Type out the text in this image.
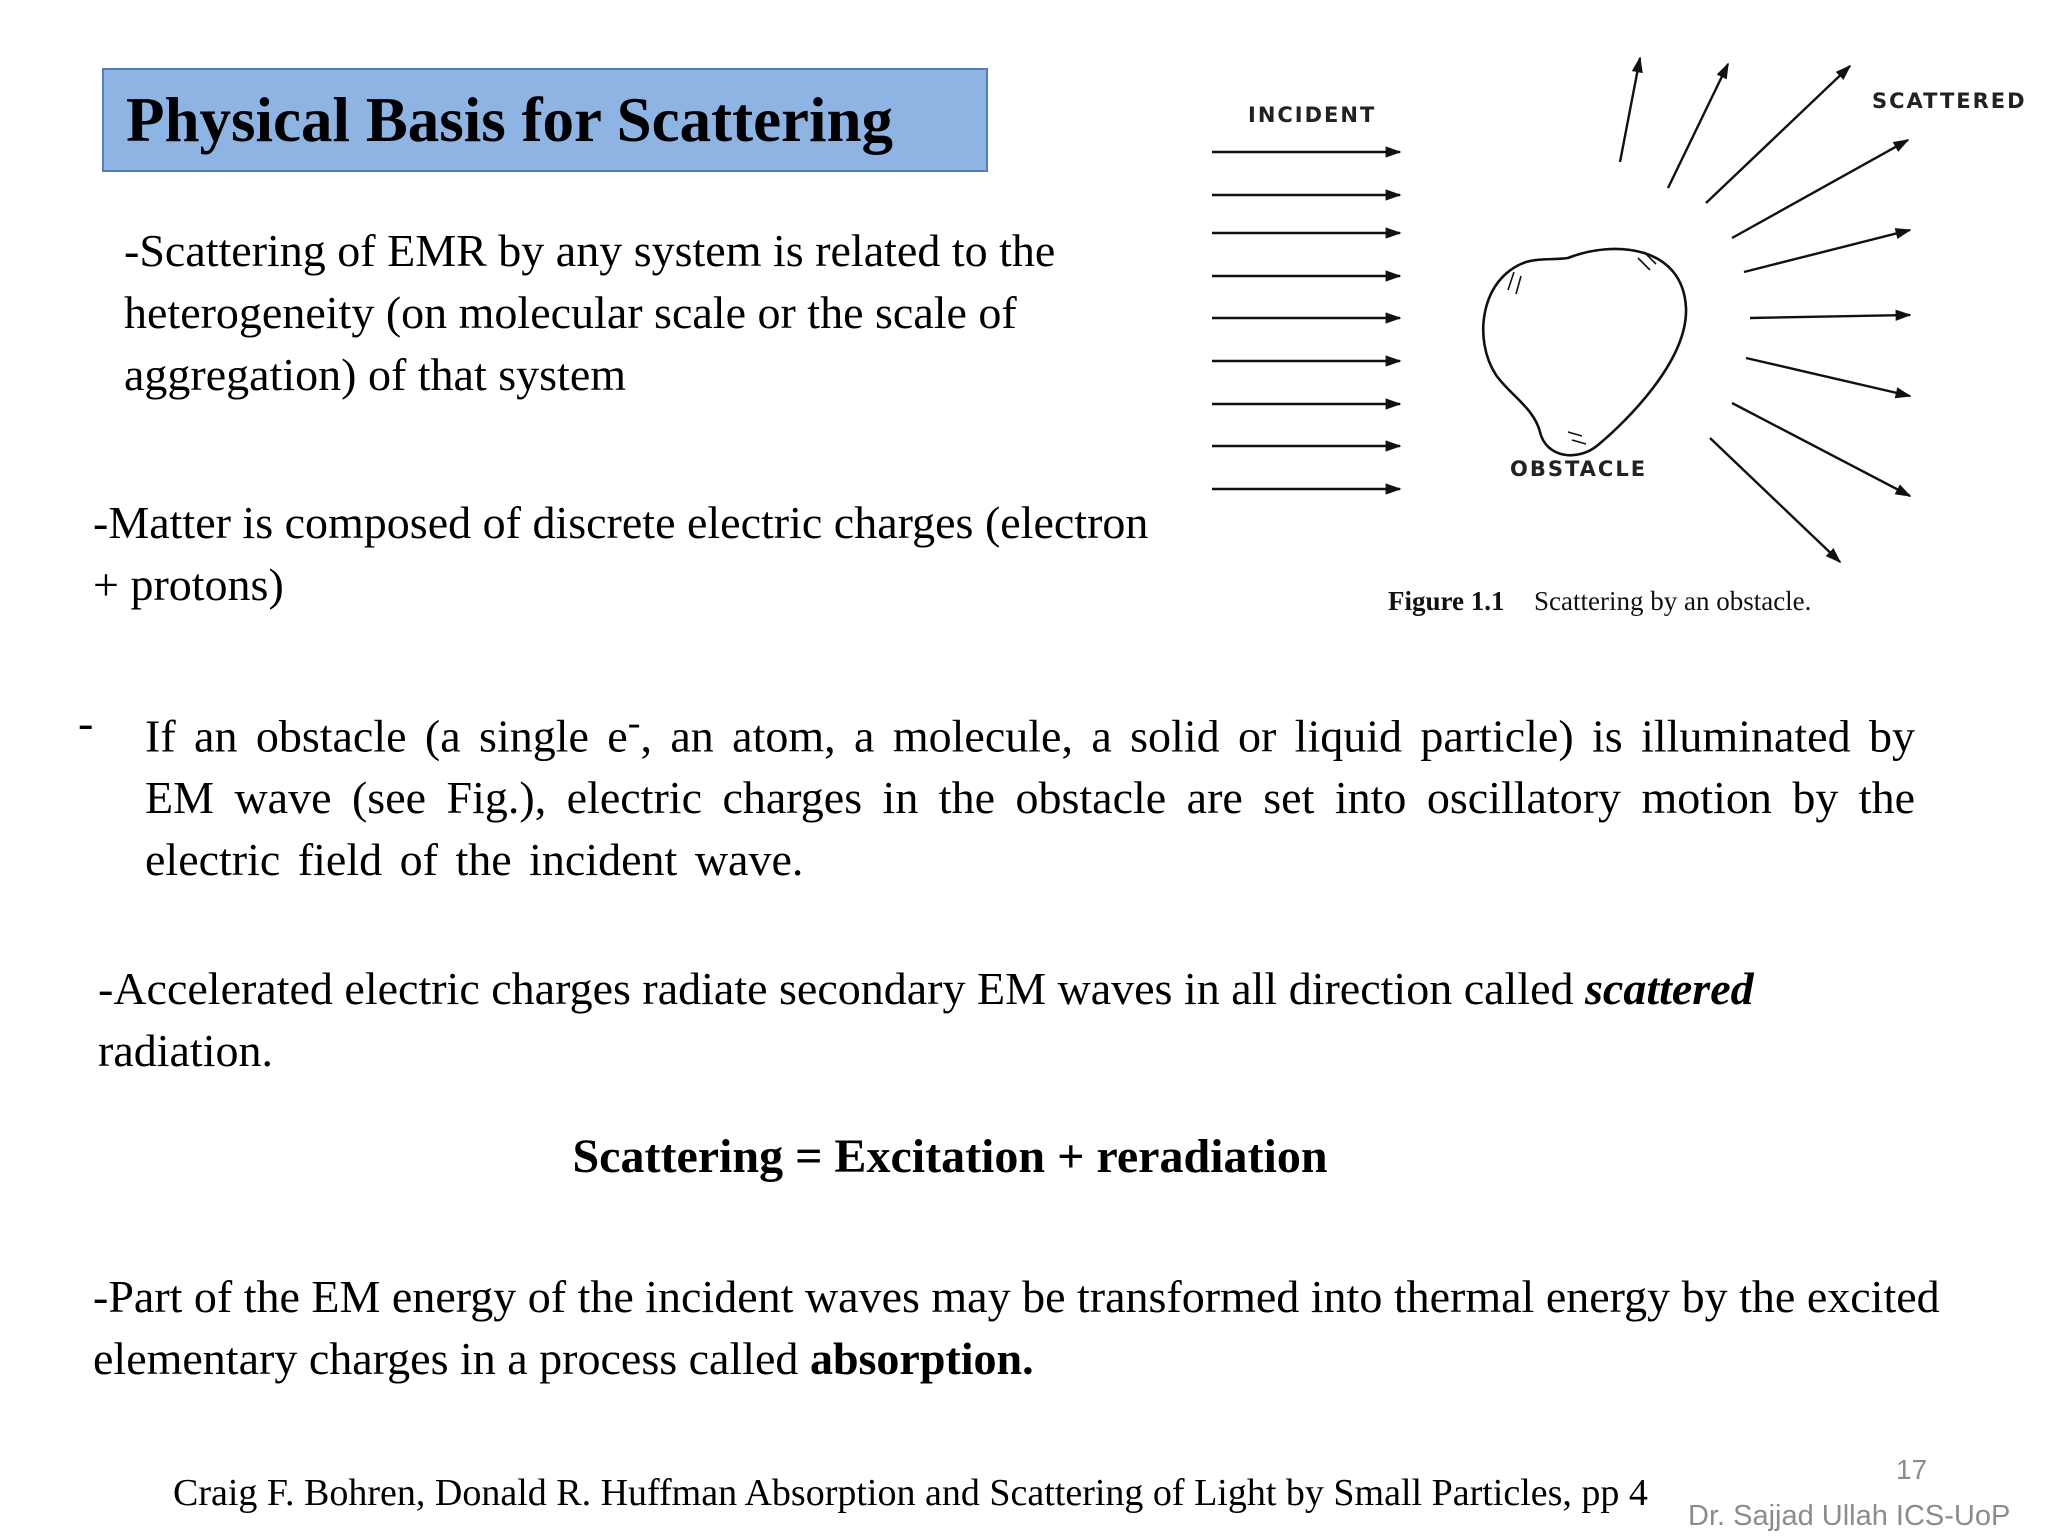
Physical Basis for Scattering

-Scattering of EMR by any system is related to the heterogeneity (on molecular scale or the scale of aggregation) of that system

-Matter is composed of discrete electric charges (electron + protons)

- If an obstacle (a single e-, an atom, a molecule, a solid or liquid particle) is illuminated by EM wave (see Fig.), electric charges in the obstacle are set into oscillatory motion by the electric field of the incident wave.

-Accelerated electric charges radiate secondary EM waves in all direction called scattered radiation.

Scattering = Excitation + reradiation

-Part of the EM energy of the incident waves may be transformed into thermal energy by the excited elementary charges in a process called absorption.

Craig F. Bohren, Donald R. Huffman Absorption and Scattering of Light by Small Particles, pp 4
17
Dr. Sajjad Ullah ICS-UoP
INCIDENT
SCATTERED
OBSTACLE
Figure 1.1 Scattering by an obstacle.
